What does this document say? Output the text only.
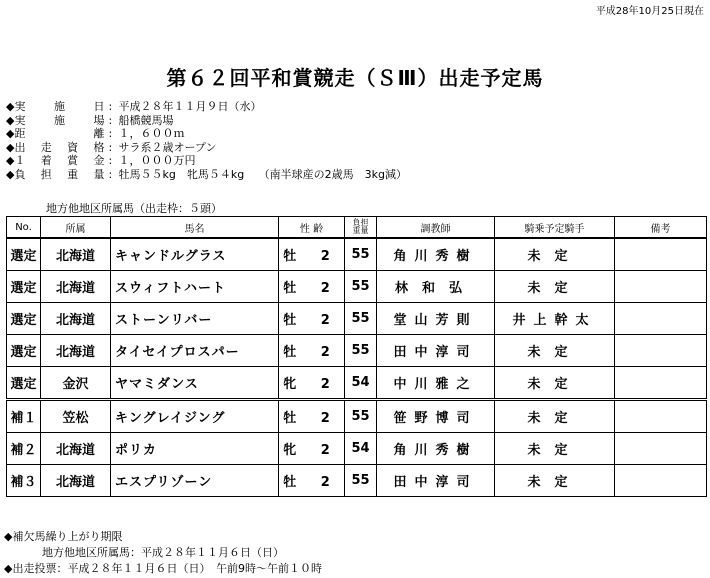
平成28年10月25日現在
第６２回平和賞競走（ＳⅢ）出走予定馬
◆ 実施日 : 平成２８年１１月９日（水）
◆ 実施場 : 船橋競馬場
◆ 距離 : １，６００ｍ
◆ 出走資格 : サラ系２歳オープン
◆ １着賞金 : １，０００万円
◆ 負担重量 : 牡馬５５kg　牝馬５４kg　 （南半球産の2歳馬　3kg減）
地方他地区所属馬（出走枠：５頭）
No.	所属	馬名	性 齢	負担
重量	調教師	騎乗予定騎手	備考
選定	北海道	キャンドルグラス	牡 2	55	角川秀樹	未定	
選定	北海道	スウィフトハート	牡 2	55	林和弘	未定	
選定	北海道	ストーンリバー	牡 2	55	堂山芳則	井上幹太	
選定	北海道	タイセイプロスパー	牡 2	55	田中淳司	未定	
選定	金沢	ヤマミダンス	牝 2	54	中川雅之	未定	
補１	笠松	キングレイジング	牡 2	55	笹野博司	未定	
補２	北海道	ポリカ	牝 2	54	角川秀樹	未定	
補３	北海道	エスプリゾーン	牡 2	55	田中淳司	未定	
◆補欠馬繰り上がり期限
地方他地区所属馬：平成２８年１１月６日（日）
◆出走投票：平成２８年１１月６日（日）　午前9時～午前１０時
